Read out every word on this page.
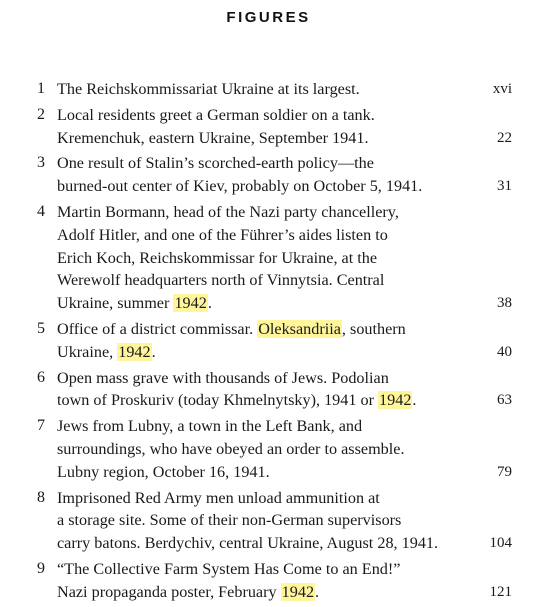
FIGURES
1 The Reichskommissariat Ukraine at its largest.	xvi
2 Local residents greet a German soldier on a tank.
Kremenchuk, eastern Ukraine, September 1941.	22
3 One result of Stalin’s scorched-earth policy—the
burned-out center of Kiev, probably on October 5, 1941.	31
4 Martin Bormann, head of the Nazi party chancellery,
Adolf Hitler, and one of the Führer’s aides listen to
Erich Koch, Reichskommissar for Ukraine, at the
Werewolf headquarters north of Vinnytsia. Central
Ukraine, summer 1942.	38
5 Office of a district commissar. Oleksandriia, southern
Ukraine, 1942.	40
6 Open mass grave with thousands of Jews. Podolian
town of Proskuriv (today Khmelnytsky), 1941 or 1942.	63
7 Jews from Lubny, a town in the Left Bank, and
surroundings, who have obeyed an order to assemble.
Lubny region, October 16, 1941.	79
8 Imprisoned Red Army men unload ammunition at
a storage site. Some of their non-German supervisors
carry batons. Berdychiv, central Ukraine, August 28, 1941.	104
9 “The Collective Farm System Has Come to an End!”
Nazi propaganda poster, February 1942.	121
